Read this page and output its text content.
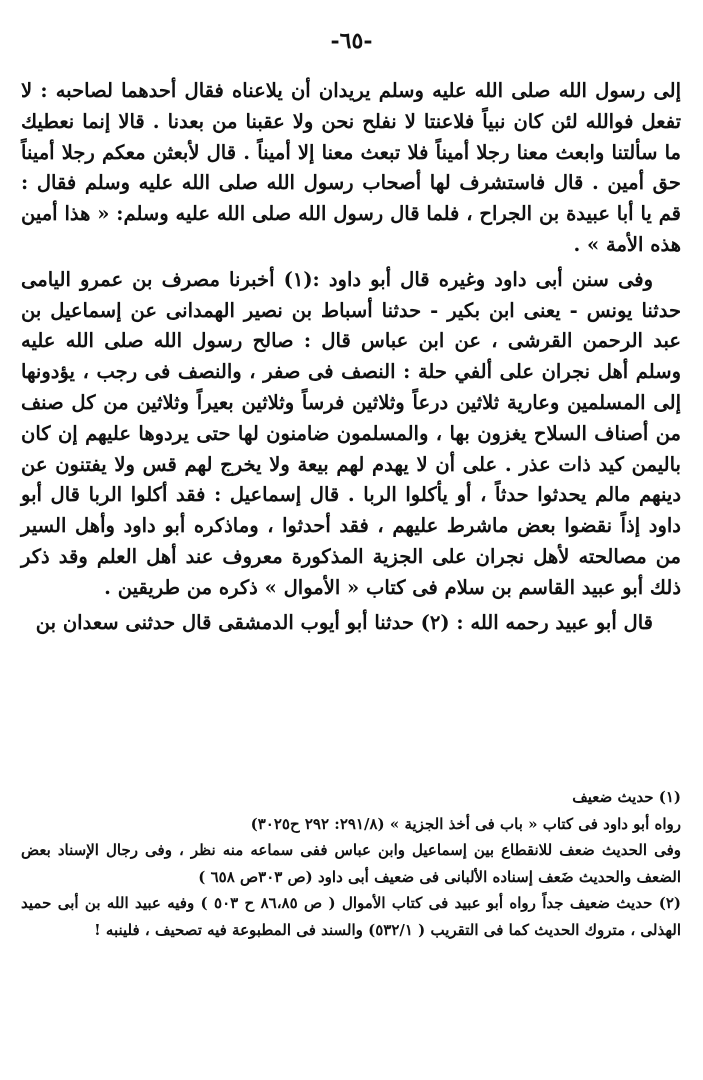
-٦٥-

إلى رسول الله صلى الله عليه وسلم يريدان أن يلاعناه فقال أحدهما لصاحبه : لا تفعل فوالله لئن كان نبياً فلاعنتا لا نفلح نحن ولا عقبنا من بعدنا . قالا إنما نعطيك ما سألتنا وابعث معنا رجلا أميناً فلا تبعث معنا إلا أميناً . قال لأبعثن معكم رجلا أميناً حق أمين . قال فاستشرف لها أصحاب رسول الله صلى الله عليه وسلم فقال : قم يا أبا عبيدة بن الجراح ، فلما قال رسول الله صلى الله عليه وسلم: « هذا أمين هذه الأمة » .

وفى سنن أبى داود وغيره قال أبو داود :(١) أخبرنا مصرف بن عمرو اليامى حدثنا يونس - يعنى ابن بكير - حدثنا أسباط بن نصير الهمدانى عن إسماعيل بن عبد الرحمن القرشى ، عن ابن عباس قال : صالح رسول الله صلى الله عليه وسلم أهل نجران على ألفي حلة : النصف فى صفر ، والنصف فى رجب ، يؤدونها إلى المسلمين وعارية ثلاثين درعاً وثلاثين فرساً وثلاثين بعيراً وثلاثين من كل صنف من أصناف السلاح يغزون بها ، والمسلمون ضامنون لها حتى يردوها عليهم إن كان باليمن كيد ذات عذر . على أن لا يهدم لهم بيعة ولا يخرج لهم قس ولا يفتنون عن دينهم مالم يحدثوا حدثاً ، أو يأكلوا الربا . قال إسماعيل : فقد أكلوا الربا قال أبو داود إذاً نقضوا بعض ماشرط عليهم ، فقد أحدثوا ، وماذكره أبو داود وأهل السير من مصالحته لأهل نجران على الجزية المذكورة معروف عند أهل العلم وقد ذكر ذلك أبو عبيد القاسم بن سلام فى كتاب « الأموال » ذكره من طريقين .

قال أبو عبيد رحمه الله : (٢) حدثنا أبو أيوب الدمشقى قال حدثنى سعدان بن

(١) حديث ضعيف

رواه أبو داود فى كتاب « باب فى أخذ الجزية » (٢٩١/٨: ٢٩٢ ح٣٠٢٥)

وفى الحديث ضعف للانقطاع بين إسماعيل وابن عباس ففى سماعه منه نظر ، وفى رجال الإسناد بعض الضعف والحديث ضَعف إسناده الألبانى فى ضعيف أبى داود (ص ٣٠٣ص ٦٥٨ )

(٢) حديث ضعيف جداً رواه أبو عبيد فى كتاب الأموال ( ص ٨٦،٨٥ ح ٥٠٣ ) وفيه عبيد الله بن أبى حميد الهذلى ، متروك الحديث كما فى التقريب ( ٥٣٢/١) والسند فى المطبوعة فيه تصحيف ، فلينبه !
